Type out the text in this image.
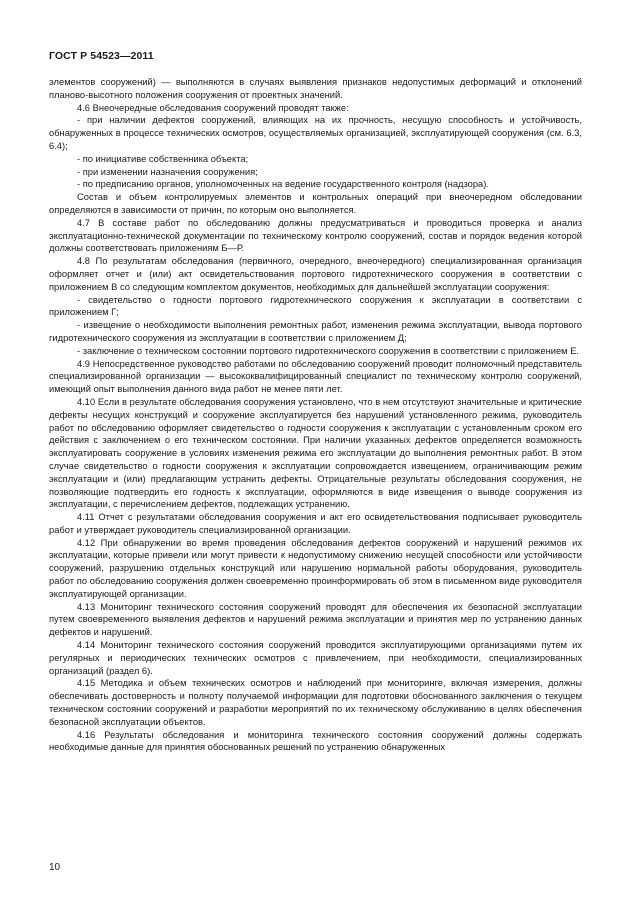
ГОСТ Р 54523—2011

элементов сооружений) — выполняются в случаях выявления признаков недопустимых деформаций и отклонений планово-высотного положения сооружения от проектных значений.

4.6 Внеочередные обследования сооружений проводят также:

- при наличии дефектов сооружений, влияющих на их прочность, несущую способность и устойчивость, обнаруженных в процессе технических осмотров, осуществляемых организацией, эксплуатирующей сооружения (см. 6.3, 6.4);

- по инициативе собственника объекта;

- при изменении назначения сооружения;

- по предписанию органов, уполномоченных на ведение государственного контроля (надзора).

Состав и объем контролируемых элементов и контрольных операций при внеочередном обследовании определяются в зависимости от причин, по которым оно выполняется.

4.7 В составе работ по обследованию должны предусматриваться и проводиться проверка и анализ эксплуатационно-технической документации по техническому контролю сооружений, состав и порядок ведения которой должны соответствовать приложениям Б—Р.

4.8 По результатам обследования (первичного, очередного, внеочередного) специализированная организация оформляет отчет и (или) акт освидетельствования портового гидротехнического сооружения в соответствии с приложением В со следующим комплектом документов, необходимых для дальнейшей эксплуатации сооружения:

- свидетельство о годности портового гидротехнического сооружения к эксплуатации в соответствии с приложением Г;

- извещение о необходимости выполнения ремонтных работ, изменения режима эксплуатации, вывода портового гидротехнического сооружения из эксплуатации в соответствии с приложением Д;

- заключение о техническом состоянии портового гидротехнического сооружения в соответствии с приложением Е.

4.9 Непосредственное руководство работами по обследованию сооружений проводит полномочный представитель специализированной организации — высококвалифицированный специалист по техническому контролю сооружений, имеющий опыт выполнения данного вида работ не менее пяти лет.

4.10 Если в результате обследования сооружения установлено, что в нем отсутствуют значительные и критические дефекты несущих конструкций и сооружение эксплуатируется без нарушений установленного режима, руководитель работ по обследованию оформляет свидетельство о годности сооружения к эксплуатации с установленным сроком его действия с заключением о его техническом состоянии. При наличии указанных дефектов определяется возможность эксплуатировать сооружение в условиях изменения режима его эксплуатации до выполнения ремонтных работ. В этом случае свидетельство о годности сооружения к эксплуатации сопровождается извещением, ограничивающим режим эксплуатации и (или) предлагающим устранить дефекты. Отрицательные результаты обследования сооружения, не позволяющие подтвердить его годность к эксплуатации, оформляются в виде извещения о выводе сооружения из эксплуатации, с перечислением дефектов, подлежащих устранению.

4.11 Отчет с результатами обследования сооружения и акт его освидетельствования подписывает руководитель работ и утверждает руководитель специализированной организации.

4.12 При обнаружении во время проведения обследования дефектов сооружений и нарушений режимов их эксплуатации, которые привели или могут привести к недопустимому снижению несущей способности или устойчивости сооружений, разрушению отдельных конструкций или нарушению нормальной работы оборудования, руководитель работ по обследованию сооружения должен своевременно проинформировать об этом в письменном виде руководителя эксплуатирующей организации.

4.13 Мониторинг технического состояния сооружений проводят для обеспечения их безопасной эксплуатации путем своевременного выявления дефектов и нарушений режима эксплуатации и принятия мер по устранению данных дефектов и нарушений.

4.14 Мониторинг технического состояния сооружений проводится эксплуатирующими организациями путем их регулярных и периодических технических осмотров с привлечением, при необходимости, специализированных организаций (раздел 6).

4.15 Методика и объем технических осмотров и наблюдений при мониторинге, включая измерения, должны обеспечивать достоверность и полноту получаемой информации для подготовки обоснованного заключения о текущем техническом состоянии сооружений и разработки мероприятий по их техническому обслуживанию в целях обеспечения безопасной эксплуатации объектов.

4.16 Результаты обследования и мониторинга технического состояния сооружений должны содержать необходимые данные для принятия обоснованных решений по устранению обнаруженных

10
